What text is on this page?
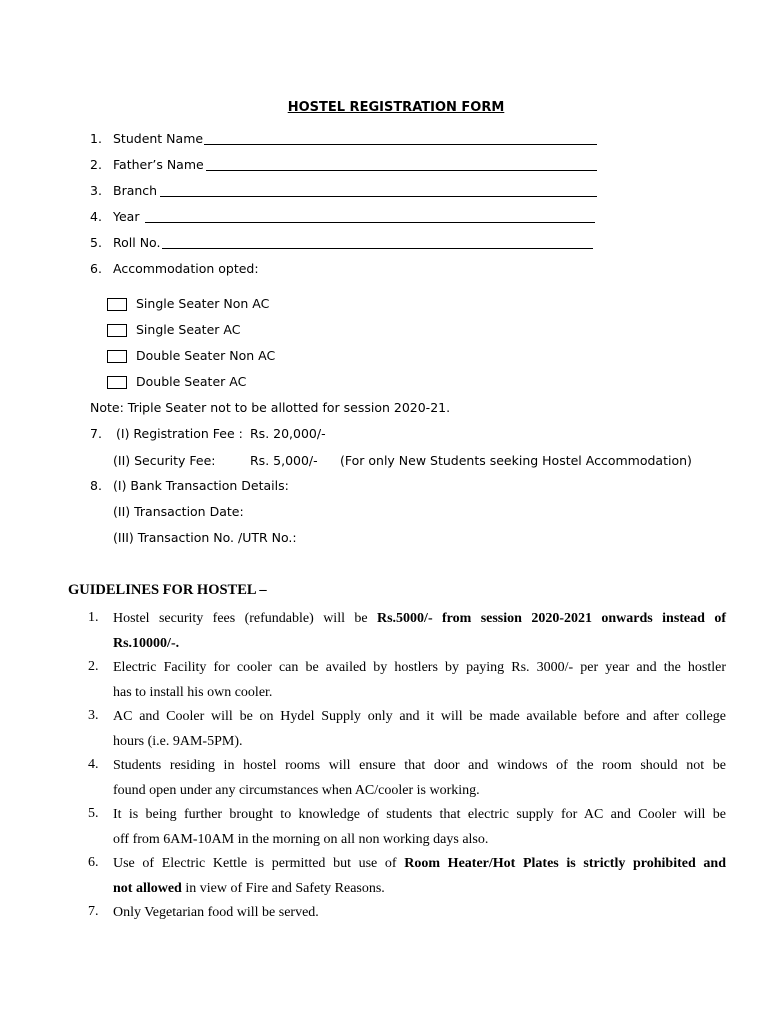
HOSTEL REGISTRATION FORM
1. Student Name
2. Father’s Name
3. Branch
4. Year
5. Roll No.
6. Accommodation opted:
Single Seater Non AC
Single Seater AC
Double Seater Non AC
Double Seater AC
Note: Triple Seater not to be allotted for session 2020-21.
7. (I) Registration Fee : Rs. 20,000/-
(II) Security Fee:	Rs. 5,000/- (For only New Students seeking Hostel Accommodation)
8. (I) Bank Transaction Details:
(II) Transaction Date:
(III) Transaction No. /UTR No.:
GUIDELINES FOR HOSTEL –
1.	Hostel security fees (refundable) will be Rs.5000/- from session 2020-2021 onwards instead of
Rs.10000/-.
2.	Electric Facility for cooler can be availed by hostlers by paying Rs. 3000/- per year and the hostler
has to install his own cooler.
3.	AC and Cooler will be on Hydel Supply only and it will be made available before and after college
hours (i.e. 9AM-5PM).
4.	Students residing in hostel rooms will ensure that door and windows of the room should not be
found open under any circumstances when AC/cooler is working.
5.	It is being further brought to knowledge of students that electric supply for AC and Cooler will be
off from 6AM-10AM in the morning on all non working days also.
6.	Use of Electric Kettle is permitted but use of Room Heater/Hot Plates is strictly prohibited and
not allowed in view of Fire and Safety Reasons.
7.	Only Vegetarian food will be served.
